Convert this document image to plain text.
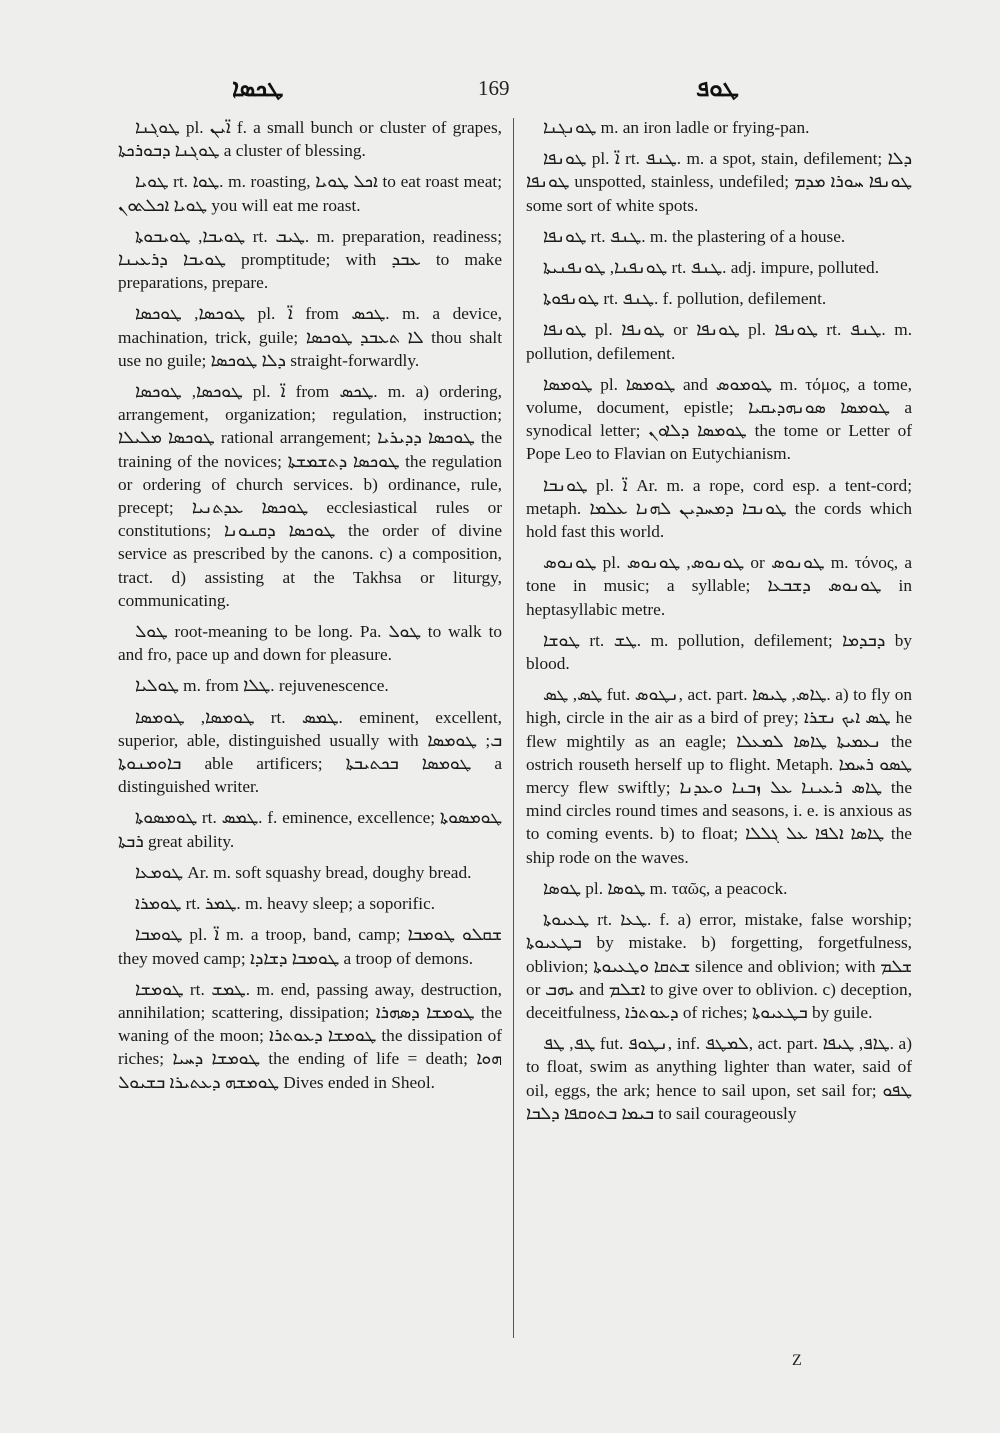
ܛܟܣܐ	169	ܛܘܦ

ܛܘܓܢܐ pl. ܐ̈ܝܢ f. a small bunch or cluster of grapes, ܛܘܓܢܐ ܕܒܘܪܟܬܐ a cluster of blessing.

ܛܘܝܐ rt. ܛܘܐ. m. roasting, ܐܟܠ ܛܘܝܐ to eat roast meat; ܛܘܝܐ ܐܟܠܬܘܢ you will eat me roast.

ܛܘܝܒܐ, ܛܘܝܒܘܬܐ rt. ܛܝܒ. m. preparation, readiness; ܛܘܝܒܐ ܕܪܥܝܢܐ promptitude; with ܥܒܕ to make preparations, prepare.

ܛܘܟܣܐ, ܛܘܟܣܐ pl. ܐ̈ from ܛܟܣ. m. a device, machination, trick, guile; ܠܐ ܬܥܒܕ ܛܘܟܣܐ thou shalt use no guile; ܕܠܐ ܛܘܟܣܐ straight-forwardly.

ܛܘܟܣܐ, ܛܘܟܣܐ pl. ܐ̈ from ܛܟܣ. m. a) ordering, arrangement, organization; regulation, instruction; ܛܘܟܣܐ ܡܠܝܠܐ rational arrangement; ܛܘܟܣܐ ܕܕܝܪܝܐ the training of the novices; ܛܘܟܣܐ ܕܬܫܡܫܬܐ the regulation or ordering of church services. b) ordinance, rule, precept; ܛܘܟܣܐ ܥܕܬܢܝܐ ecclesiastical rules or constitutions; ܛܘܟܣܐ ܕܩܢܘܢܐ the order of divine service as prescribed by the canons. c) a composition, tract. d) assisting at the Takhsa or liturgy, communicating.

ܛܘܠ root-meaning to be long. Pa. ܛܘܠ to walk to and fro, pace up and down for pleasure.

ܛܘܠܝܐ m. from ܛܠܐ. rejuvenescence.

ܛܘܡܣܐ, ܛܘܡܣܐ rt. ܛܡܣ. eminent, excellent, superior, able, distinguished usually with ܒ; ܛܘܡܣܐ ܒܐܘܡܢܘܬܐ able artificers; ܛܘܡܣܐ ܒܟܬܝܒܬܐ a distinguished writer.

ܛܘܡܣܘܬܐ rt. ܛܡܣ. f. eminence, excellence; ܛܘܡܣܘܬܐ ܪܒܬܐ great ability.

ܛܘܡܥܐ Ar. m. soft squashy bread, doughy bread.

ܛܘܡܪܐ rt. ܛܡܪ. m. heavy sleep; a soporific.

ܛܘܡܒܐ pl. ܐ̈ m. a troop, band, camp; ܫܩܠܘ ܛܘܡܒܐ they moved camp; ܛܘܡܒܐ ܕܫܐܕܐ a troop of demons.

ܛܘܡܫܐ rt. ܛܡܫ. m. end, passing away, destruction, annihilation; scattering, dissipation; ܛܘܡܫܐ ܕܣܗܪܐ the waning of the moon; ܛܘܡܫܐ ܕܥܘܬܪܐ the dissipation of riches; ܛܘܡܫܐ ܕܚܝܐ the ending of life = death; ܗܘܐ ܛܘܡܫܗ ܕܥܬܝܪܐ ܒܫܝܘܠ Dives ended in Sheol.

ܛܘܢܓܢܐ m. an iron ladle or frying-pan.

ܛܘܢܦܐ pl. ܐ̈ rt. ܛܢܦ. m. a spot, stain, defilement; ܕܠܐ ܛܘܢܦܐ unspotted, stainless, undefiled; ܛܘܢܦܐ ܚܘܪܐ ܡܕܡ some sort of white spots.

ܛܘܢܦܐ rt. ܛܢܦ. m. the plastering of a house.

ܛܘܢܦܢܐ, ܛܘܢܦܢܝܬܐ rt. ܛܢܦ. adj. impure, polluted.

ܛܘܢܦܘܬܐ rt. ܛܢܦ. f. pollution, defilement.

ܛܘܢܦܐ pl. ܛܘܢܦܐ or ܛܘܢܦܐ pl. ܛܘܢܦܐ rt. ܛܢܦ. m. pollution, defilement.

ܛܘܡܣܐ pl. ܛܘܡܣܐ and ܛܘܡܘܣ m. τόμος, a tome, volume, document, epistle; ܛܘܡܣܐ ܣܘܢܗܕܝܩܝܐ a synodical letter; ܛܘܡܣܐ ܕܠܐܘܢ the tome or Letter of Pope Leo to Flavian on Eutychianism.

ܛܘܢܒܐ pl. ܐ̈ Ar. m. a rope, cord esp. a tent-cord; metaph. ܛܘܢܒܐ ܕܡܚܕܝܢ ܠܗܢܐ ܥܠܡܐ the cords which hold fast this world.

ܛܘܢܘܣ pl. ܛܘܢܘܣ, ܛܘܢܘܣ or ܛܘܢܘܣ m. τόνος, a tone in music; a syllable; ܛܘܢܘܣ ܕܫܒܥܐ in heptasyllabic metre.

ܛܘܫܐ rt. ܛܫ. m. pollution, defilement; ܕܒܕܡܐ by blood.

ܛܣ, ܛܣ fut. ܢܛܘܣ, act. part. ܛܐܣ, ܛܝܣܐ. a) to fly on high, circle in the air as a bird of prey; ܛܣ ܐܝܟ ܢܫܪܐ he flew mightily as an eagle; ܢܥܡܝܬܐ ܛܐܣܐ ܠܡܥܠܐ the ostrich rouseth herself up to flight. Metaph. ܛܣܘ ܪܚܡܐ mercy flew swiftly; ܛܐܣ ܪܥܝܢܐ ܥܠ ܙܒܢܐ ܘܥܕܢܐ the mind circles round times and seasons, i. e. is anxious as to coming events. b) to float; ܛܐܣܐ ܐܠܦܐ ܥܠ ܓܠܠܐ the ship rode on the waves.

ܛܘܣܐ pl. ܛܘܣܐ m. ταῶς, a peacock.

ܛܥܝܘܬܐ rt. ܛܥܐ. f. a) error, mistake, false worship; ܒܛܥܝܘܬܐ by mistake. b) forgetting, forgetfulness, oblivion; ܫܬܩܐ ܘܛܥܝܘܬܐ silence and oblivion; with ܫܠܡ or ܝܗܒ and ܐܫܠܡ to give over to oblivion. c) deception, deceitfulness, ܕܥܘܬܪܐ of riches; ܒܛܥܝܘܬܐ by guile.

ܛܦ, ܛܦ fut. ܢܛܘܦ, inf. ܠܡܛܦ, act. part. ܛܐܦ, ܛܝܦܐ. a) to float, swim as anything lighter than water, said of oil, eggs, the ark; hence to sail upon, set sail for; ܛܦܘ ܒܝܡܐ ܒܬܘܩܦܐ ܕܠܒܐ to sail courageously

Z
